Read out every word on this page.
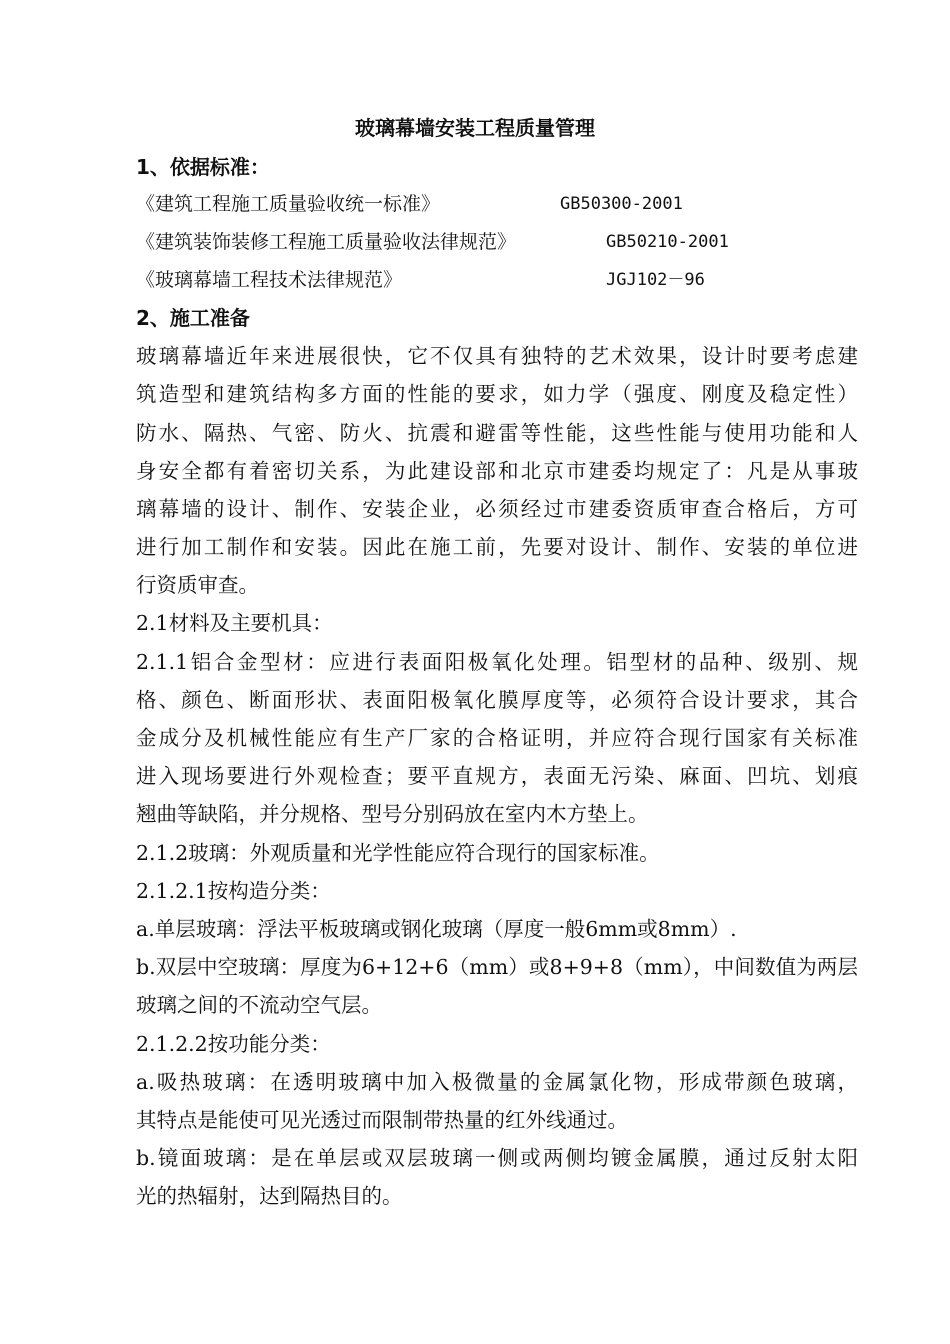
玻璃幕墙安装工程质量管理
1、依据标准：
《建筑工程施工质量验收统一标准》	GB50300-2001
《建筑装饰装修工程施工质量验收法律规范》	GB50210-2001
《玻璃幕墙工程技术法律规范》	JGJ102－96
2、施工准备
玻璃幕墙近年来进展很快，它不仅具有独特的艺术效果，设计时要考虑建
筑造型和建筑结构多方面的性能的要求，如力学（强度、刚度及稳定性）
防水、隔热、气密、防火、抗震和避雷等性能，这些性能与使用功能和人
身安全都有着密切关系，为此建设部和北京市建委均规定了：凡是从事玻
璃幕墙的设计、制作、安装企业，必须经过市建委资质审查合格后，方可
进行加工制作和安装。因此在施工前，先要对设计、制作、安装的单位进
行资质审查。
2.1材料及主要机具：
2.1.1铝合金型材：应进行表面阳极氧化处理。铝型材的品种、级别、规
格、颜色、断面形状、表面阳极氧化膜厚度等，必须符合设计要求，其合
金成分及机械性能应有生产厂家的合格证明，并应符合现行国家有关标准
进入现场要进行外观检查；要平直规方，表面无污染、麻面、凹坑、划痕
翘曲等缺陷，并分规格、型号分别码放在室内木方垫上。
2.1.2玻璃：外观质量和光学性能应符合现行的国家标准。
2.1.2.1按构造分类：
a.单层玻璃：浮法平板玻璃或钢化玻璃（厚度一般6mm或8mm）.
b.双层中空玻璃：厚度为6+12+6（mm）或8+9+8（mm），中间数值为两层
玻璃之间的不流动空气层。
2.1.2.2按功能分类：
a.吸热玻璃：在透明玻璃中加入极微量的金属氯化物，形成带颜色玻璃，
其特点是能使可见光透过而限制带热量的红外线通过。
b.镜面玻璃：是在单层或双层玻璃一侧或两侧均镀金属膜，通过反射太阳
光的热辐射，达到隔热目的。
